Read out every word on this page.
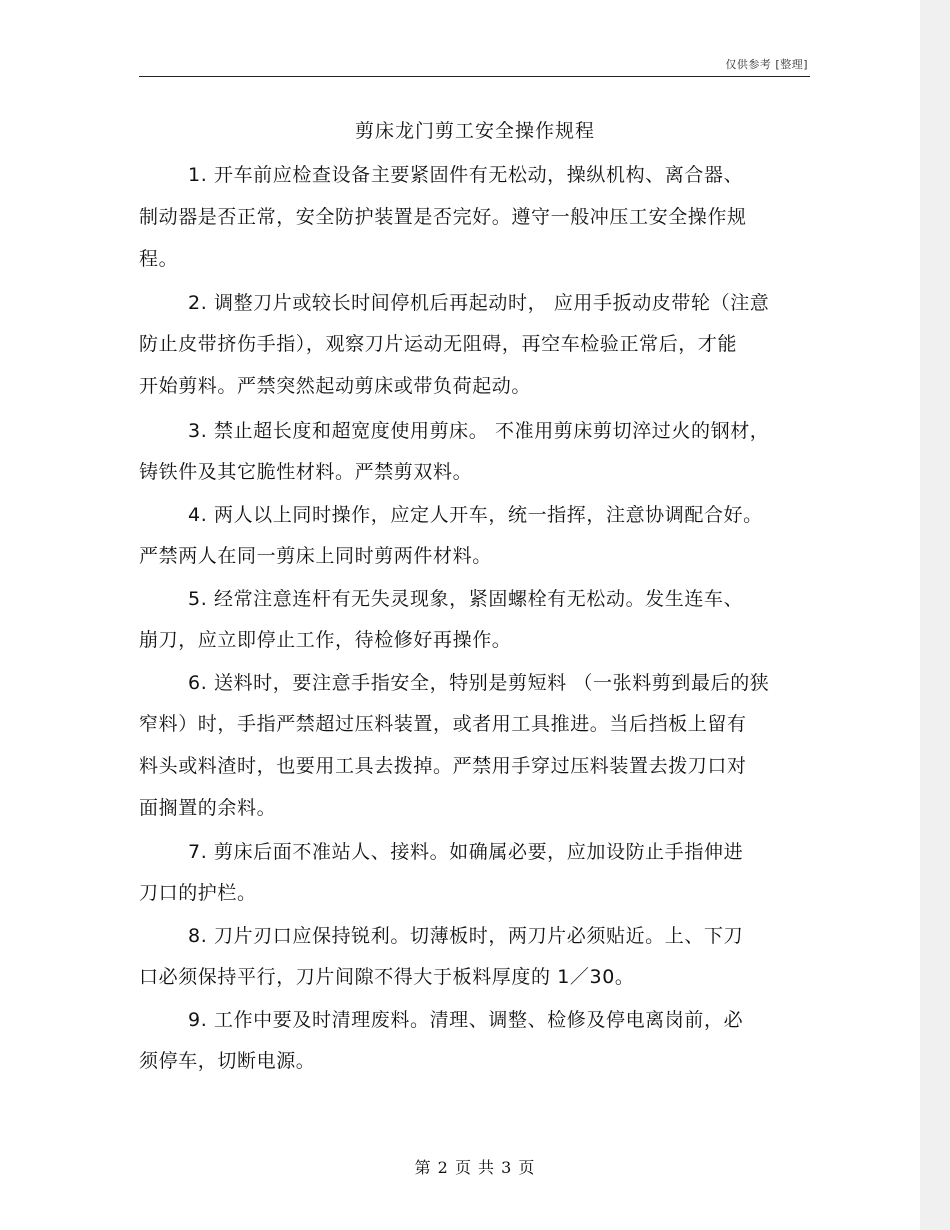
仅供参考 [整理]
剪床龙门剪工安全操作规程
1. 开车前应检查设备主要紧固件有无松动，操纵机构、离合器、
制动器是否正常，安全防护装置是否完好。遵守一般冲压工安全操作规
程。
2. 调整刀片或较长时间停机后再起动时， 应用手扳动皮带轮（注意
防止皮带挤伤手指），观察刀片运动无阻碍，再空车检验正常后，才能
开始剪料。严禁突然起动剪床或带负荷起动。
3. 禁止超长度和超宽度使用剪床。 不准用剪床剪切淬过火的钢材，
铸铁件及其它脆性材料。严禁剪双料。
4. 两人以上同时操作，应定人开车，统一指挥，注意协调配合好。
严禁两人在同一剪床上同时剪两件材料。
5. 经常注意连杆有无失灵现象，紧固螺栓有无松动。发生连车、
崩刀，应立即停止工作，待检修好再操作。
6. 送料时，要注意手指安全，特别是剪短料 （一张料剪到最后的狭
窄料）时，手指严禁超过压料装置，或者用工具推进。当后挡板上留有
料头或料渣时，也要用工具去拨掉。严禁用手穿过压料装置去拨刀口对
面搁置的余料。
7. 剪床后面不准站人、接料。如确属必要，应加设防止手指伸进
刀口的护栏。
8. 刀片刃口应保持锐利。切薄板时，两刀片必须贴近。上、下刀
口必须保持平行，刀片间隙不得大于板料厚度的 1／30。
9. 工作中要及时清理废料。清理、调整、检修及停电离岗前，必
须停车，切断电源。
第 2 页 共 3 页
